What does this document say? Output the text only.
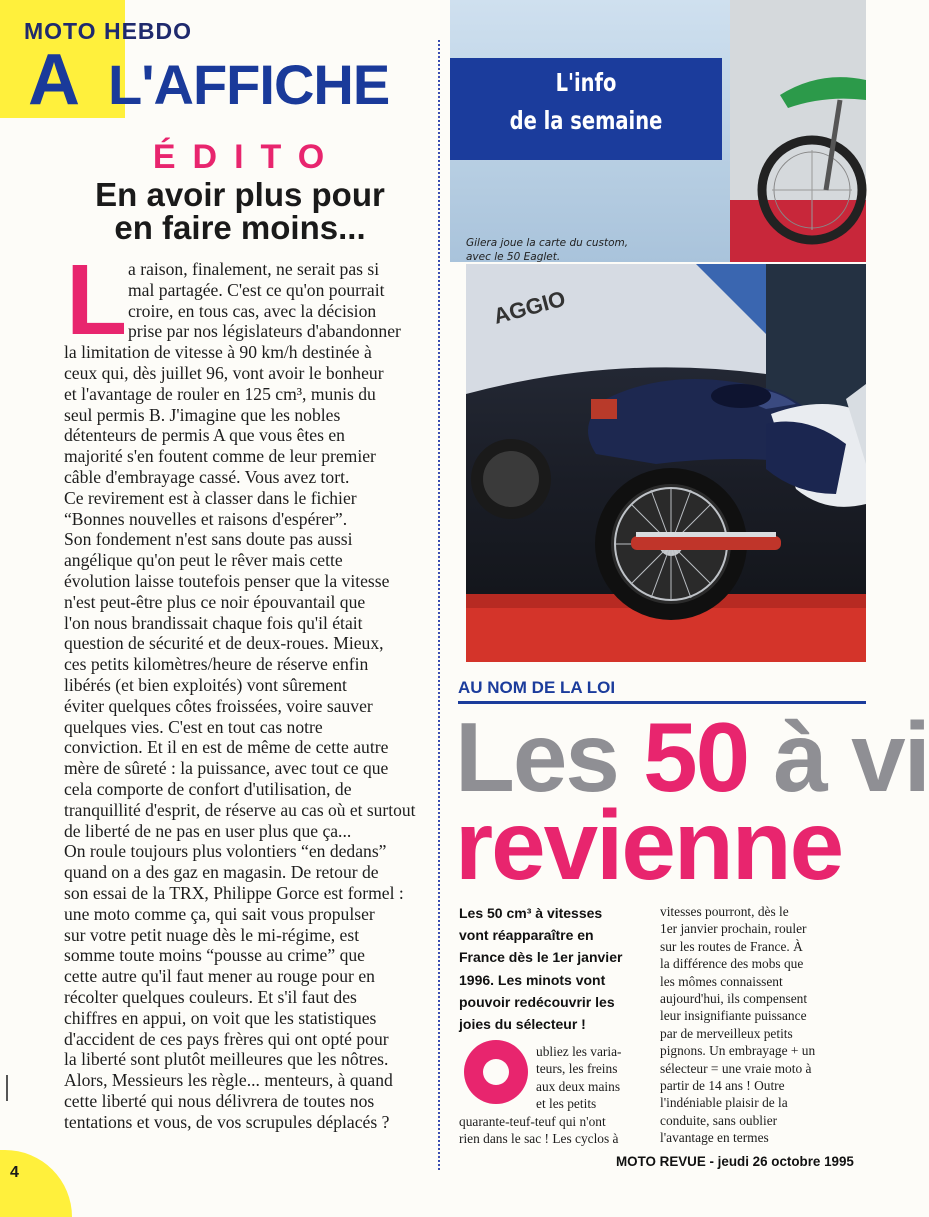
MOTO HEBDO
A L'AFFICHE
ÉDITO
En avoir plus pour
en faire moins...
L a raison, finalement, ne serait pas si
mal partagée. C'est ce qu'on pourrait
croire, en tous cas, avec la décision
prise par nos législateurs d'abandonner
la limitation de vitesse à 90 km/h destinée à
ceux qui, dès juillet 96, vont avoir le bonheur
et l'avantage de rouler en 125 cm³, munis du
seul permis B. J'imagine que les nobles
détenteurs de permis A que vous êtes en
majorité s'en foutent comme de leur premier
câble d'embrayage cassé. Vous avez tort.
Ce revirement est à classer dans le fichier
“Bonnes nouvelles et raisons d'espérer”.
Son fondement n'est sans doute pas aussi
angélique qu'on peut le rêver mais cette
évolution laisse toutefois penser que la vitesse
n'est peut-être plus ce noir épouvantail que
l'on nous brandissait chaque fois qu'il était
question de sécurité et de deux-roues. Mieux,
ces petits kilomètres/heure de réserve enfin
libérés (et bien exploités) vont sûrement
éviter quelques côtes froissées, voire sauver
quelques vies. C'est en tout cas notre
conviction. Et il en est de même de cette autre
mère de sûreté : la puissance, avec tout ce que
cela comporte de confort d'utilisation, de
tranquillité d'esprit, de réserve au cas où et surtout
de liberté de ne pas en user plus que ça...
On roule toujours plus volontiers “en dedans”
quand on a des gaz en magasin. De retour de
son essai de la TRX, Philippe Gorce est formel :
une moto comme ça, qui sait vous propulser
sur votre petit nuage dès le mi-régime, est
somme toute moins “pousse au crime” que
cette autre qu'il faut mener au rouge pour en
récolter quelques couleurs. Et s'il faut des
chiffres en appui, on voit que les statistiques
d'accident de ces pays frères qui ont opté pour
la liberté sont plutôt meilleures que les nôtres.
Alors, Messieurs les règle... menteurs, à quand
cette liberté qui nous délivrera de toutes nos
tentations et vous, de vos scrupules déplacés ?
L'info
de la semaine
Gilera joue la carte du custom,
avec le 50 Eaglet.
AGGIO
AU NOM DE LA LOI
Les 50 à vi
revienne
Les 50 cm³ à vitesses
vont réapparaître en
France dès le 1er janvier
1996. Les minots vont
pouvoir redécouvrir les
joies du sélecteur !
ubliez les varia-
teurs, les freins
aux deux mains
et les petits
quarante-teuf-teuf qui n'ont
rien dans le sac ! Les cyclos à
vitesses pourront, dès le
1er janvier prochain, rouler
sur les routes de France. À
la différence des mobs que
les mômes connaissent
aujourd'hui, ils compensent
leur insignifiante puissance
par de merveilleux petits
pignons. Un embrayage + un
sélecteur = une vraie moto à
partir de 14 ans ! Outre
l'indéniable plaisir de la
conduite, sans oublier
l'avantage en termes
4
MOTO REVUE - jeudi 26 octobre 1995
